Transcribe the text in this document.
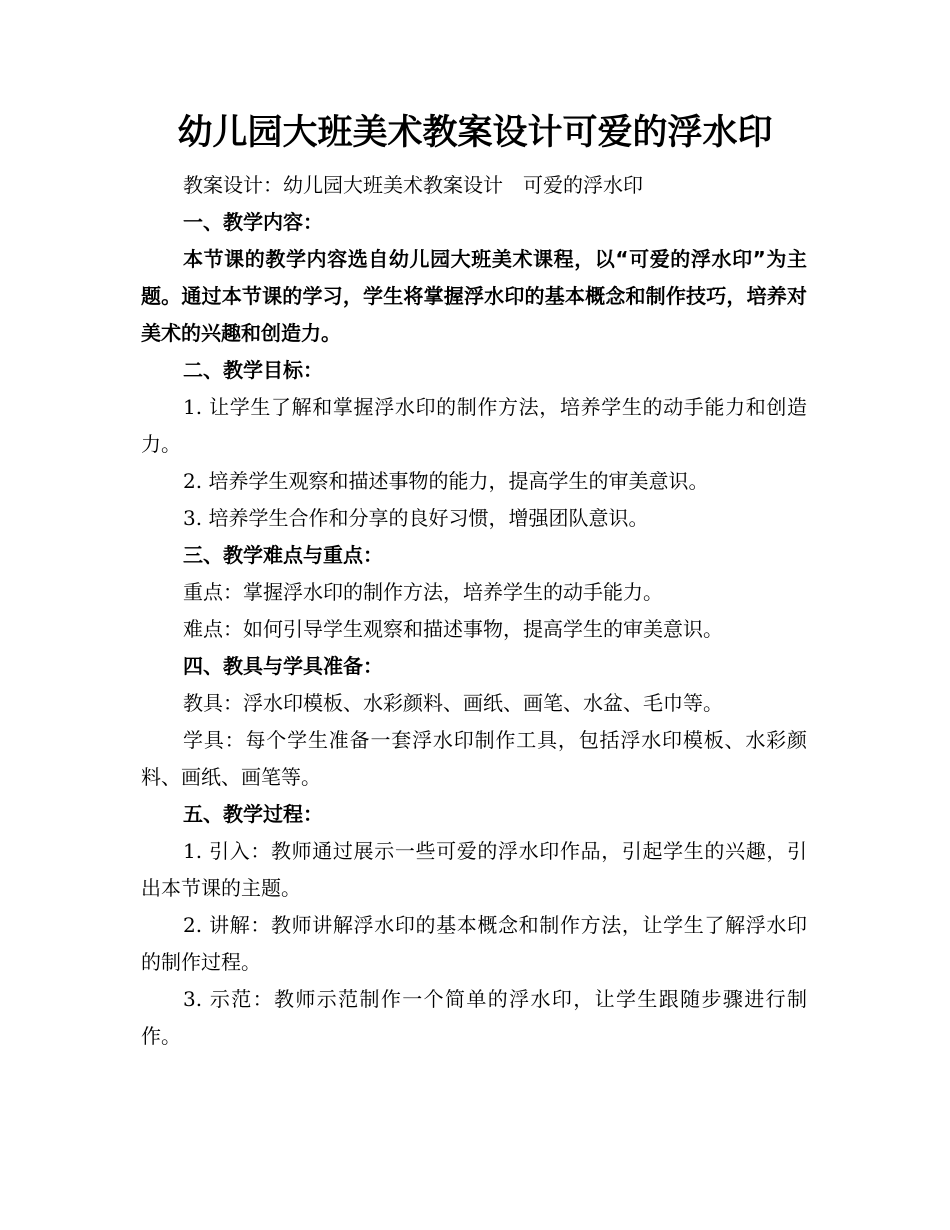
幼儿园大班美术教案设计可爱的浮水印

教案设计：幼儿园大班美术教案设计　可爱的浮水印

一、教学内容：

本节课的教学内容选自幼儿园大班美术课程，以“可爱的浮水印”为主题。通过本节课的学习，学生将掌握浮水印的基本概念和制作技巧，培养对美术的兴趣和创造力。

二、教学目标：

1. 让学生了解和掌握浮水印的制作方法，培养学生的动手能力和创造力。

2. 培养学生观察和描述事物的能力，提高学生的审美意识。

3. 培养学生合作和分享的良好习惯，增强团队意识。

三、教学难点与重点：

重点：掌握浮水印的制作方法，培养学生的动手能力。

难点：如何引导学生观察和描述事物，提高学生的审美意识。

四、教具与学具准备：

教具：浮水印模板、水彩颜料、画纸、画笔、水盆、毛巾等。

学具：每个学生准备一套浮水印制作工具，包括浮水印模板、水彩颜料、画纸、画笔等。

五、教学过程：

1. 引入：教师通过展示一些可爱的浮水印作品，引起学生的兴趣，引出本节课的主题。

2. 讲解：教师讲解浮水印的基本概念和制作方法，让学生了解浮水印的制作过程。

3. 示范：教师示范制作一个简单的浮水印，让学生跟随步骤进行制作。
